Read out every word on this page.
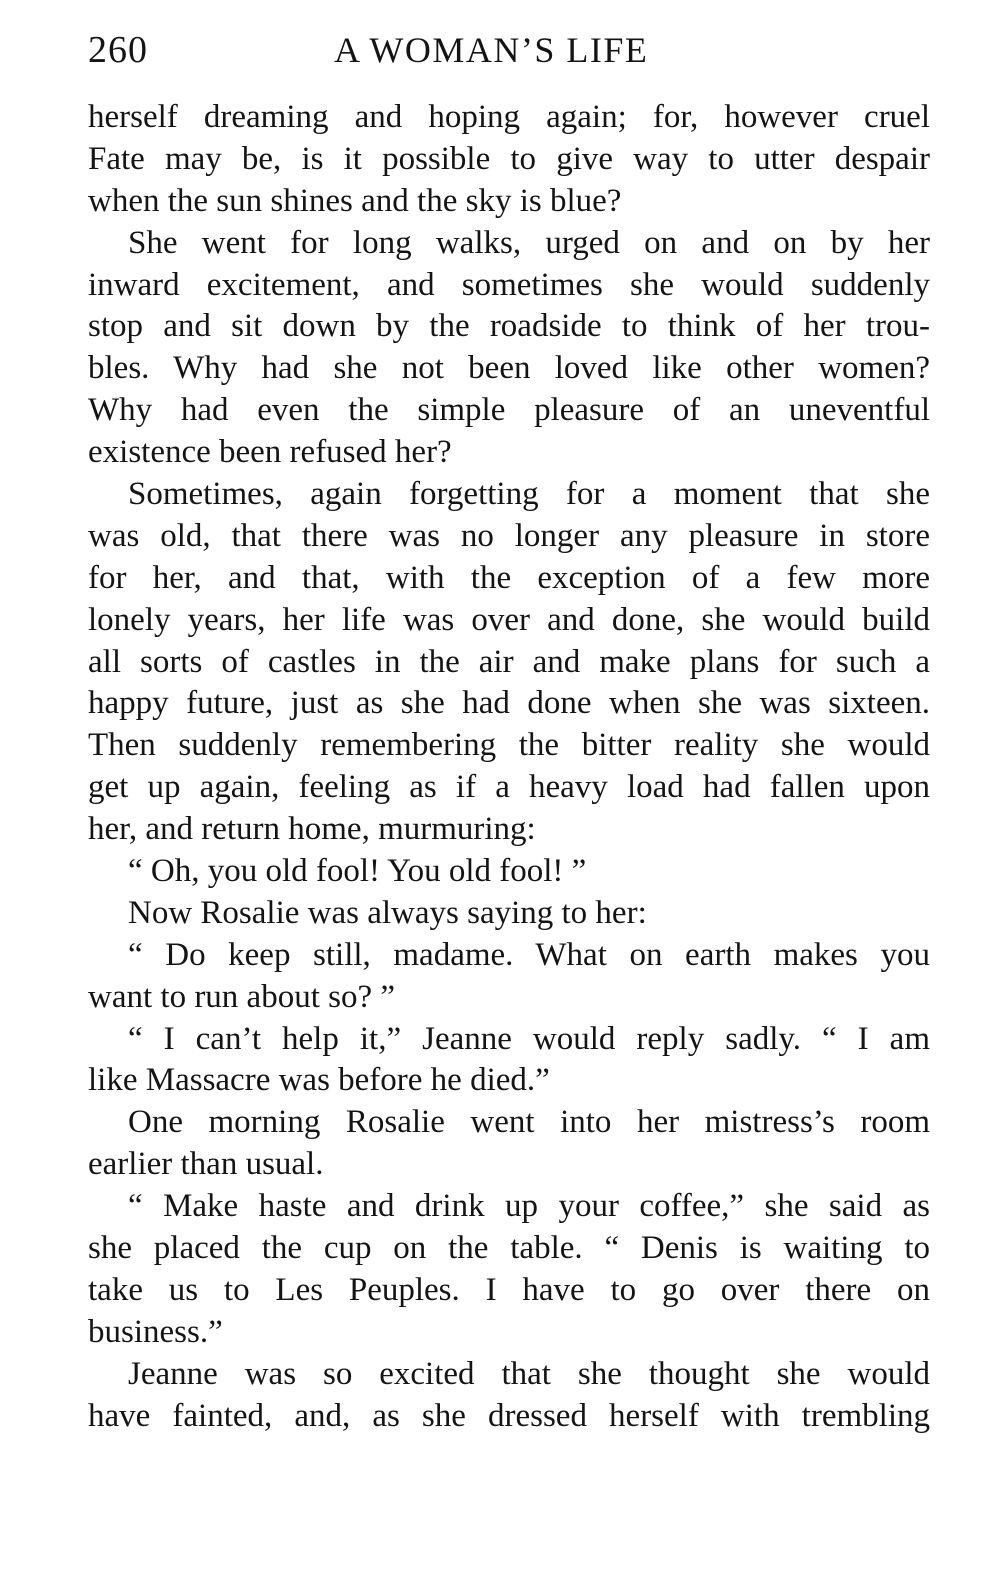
260	A WOMAN’S LIFE
herself dreaming and hoping again; for, however cruel
Fate may be, is it possible to give way to utter despair
when the sun shines and the sky is blue?
She went for long walks, urged on and on by her
inward excitement, and sometimes she would suddenly
stop and sit down by the roadside to think of her trou-
bles. Why had she not been loved like other women?
Why had even the simple pleasure of an uneventful
existence been refused her?
Sometimes, again forgetting for a moment that she
was old, that there was no longer any pleasure in store
for her, and that, with the exception of a few more
lonely years, her life was over and done, she would build
all sorts of castles in the air and make plans for such a
happy future, just as she had done when she was sixteen.
Then suddenly remembering the bitter reality she would
get up again, feeling as if a heavy load had fallen upon
her, and return home, murmuring:
“ Oh, you old fool! You old fool! ”
Now Rosalie was always saying to her:
“ Do keep still, madame. What on earth makes you
want to run about so? ”
“ I can’t help it,” Jeanne would reply sadly. “ I am
like Massacre was before he died.”
One morning Rosalie went into her mistress’s room
earlier than usual.
“ Make haste and drink up your coffee,” she said as
she placed the cup on the table. “ Denis is waiting to
take us to Les Peuples. I have to go over there on
business.”
Jeanne was so excited that she thought she would
have fainted, and, as she dressed herself with trembling
